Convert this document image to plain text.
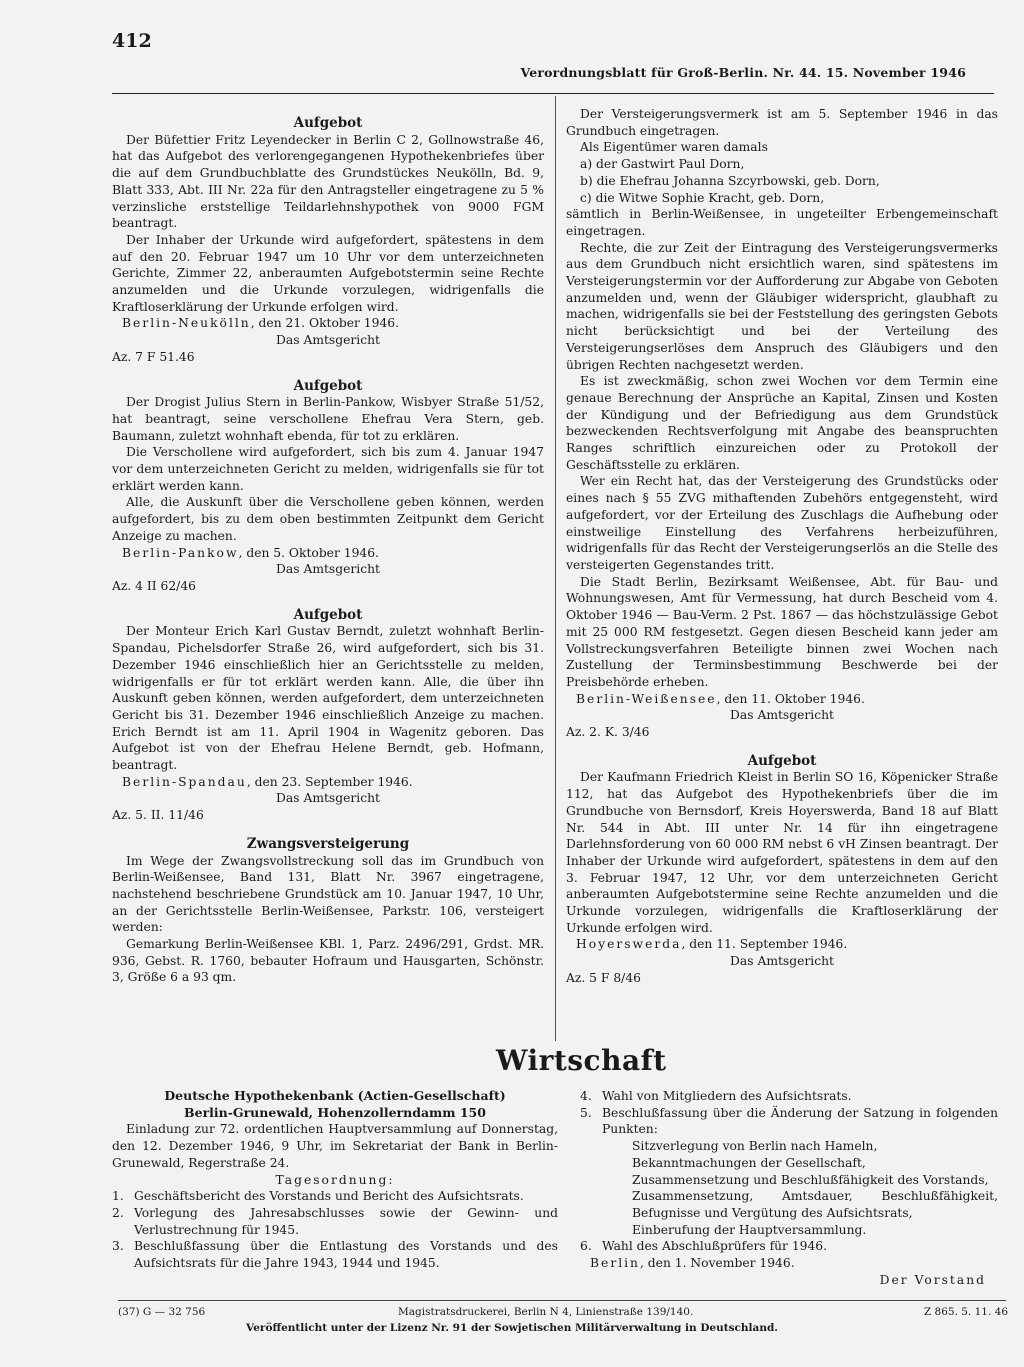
412
Verordnungsblatt für Groß-Berlin. Nr. 44. 15. November 1946

Aufgebot

Der Büfettier Fritz Leyendecker in Berlin C 2, Gollnowstraße 46, hat das Aufgebot des verlorengegangenen Hypothekenbriefes über die auf dem Grundbuchblatte des Grundstückes Neukölln, Bd. 9, Blatt 333, Abt. III Nr. 22a für den Antragsteller eingetragene zu 5 % verzinsliche erststellige Teildarlehnshypothek von 9000 FGM beantragt.

Der Inhaber der Urkunde wird aufgefordert, spätestens in dem auf den 20. Februar 1947 um 10 Uhr vor dem unterzeichneten Gerichte, Zimmer 22, anberaumten Aufgebotstermin seine Rechte anzumelden und die Urkunde vorzulegen, widrigenfalls die Kraftloserklärung der Urkunde erfolgen wird.

Berlin-Neukölln, den 21. Oktober 1946.

Das Amtsgericht

Az. 7 F 51.46

Aufgebot

Der Drogist Julius Stern in Berlin-Pankow, Wisbyer Straße 51/52, hat beantragt, seine verschollene Ehefrau Vera Stern, geb. Baumann, zuletzt wohnhaft ebenda, für tot zu erklären.

Die Verschollene wird aufgefordert, sich bis zum 4. Januar 1947 vor dem unterzeichneten Gericht zu melden, widrigenfalls sie für tot erklärt werden kann.

Alle, die Auskunft über die Verschollene geben können, werden aufgefordert, bis zu dem oben bestimmten Zeitpunkt dem Gericht Anzeige zu machen.

Berlin-Pankow, den 5. Oktober 1946.

Das Amtsgericht

Az. 4 II 62/46

Aufgebot

Der Monteur Erich Karl Gustav Berndt, zuletzt wohnhaft Berlin-Spandau, Pichelsdorfer Straße 26, wird aufgefordert, sich bis 31. Dezember 1946 einschließlich hier an Gerichtsstelle zu melden, widrigenfalls er für tot erklärt werden kann. Alle, die über ihn Auskunft geben können, werden aufgefordert, dem unterzeichneten Gericht bis 31. Dezember 1946 einschließlich Anzeige zu machen. Erich Berndt ist am 11. April 1904 in Wagenitz geboren. Das Aufgebot ist von der Ehefrau Helene Berndt, geb. Hofmann, beantragt.

Berlin-Spandau, den 23. September 1946.

Das Amtsgericht

Az. 5. II. 11/46

Zwangsversteigerung

Im Wege der Zwangsvollstreckung soll das im Grundbuch von Berlin-Weißensee, Band 131, Blatt Nr. 3967 eingetragene, nachstehend beschriebene Grundstück am 10. Januar 1947, 10 Uhr, an der Gerichtsstelle Berlin-Weißensee, Parkstr. 106, versteigert werden:

Gemarkung Berlin-Weißensee KBl. 1, Parz. 2496/291, Grdst. MR. 936, Gebst. R. 1760, bebauter Hofraum und Hausgarten, Schönstr. 3, Größe 6 a 93 qm.

Der Versteigerungsvermerk ist am 5. September 1946 in das Grundbuch eingetragen.

Als Eigentümer waren damals

a) der Gastwirt Paul Dorn,

b) die Ehefrau Johanna Szcyrbowski, geb. Dorn,

c) die Witwe Sophie Kracht, geb. Dorn,

sämtlich in Berlin-Weißensee, in ungeteilter Erbengemeinschaft eingetragen.

Rechte, die zur Zeit der Eintragung des Versteigerungsvermerks aus dem Grundbuch nicht ersichtlich waren, sind spätestens im Versteigerungstermin vor der Aufforderung zur Abgabe von Geboten anzumelden und, wenn der Gläubiger widerspricht, glaubhaft zu machen, widrigenfalls sie bei der Feststellung des geringsten Gebots nicht berücksichtigt und bei der Verteilung des Versteigerungserlöses dem Anspruch des Gläubigers und den übrigen Rechten nachgesetzt werden.

Es ist zweckmäßig, schon zwei Wochen vor dem Termin eine genaue Berechnung der Ansprüche an Kapital, Zinsen und Kosten der Kündigung und der Befriedigung aus dem Grundstück bezweckenden Rechtsverfolgung mit Angabe des beanspruchten Ranges schriftlich einzureichen oder zu Protokoll der Geschäftsstelle zu erklären.

Wer ein Recht hat, das der Versteigerung des Grundstücks oder eines nach § 55 ZVG mithaftenden Zubehörs entgegensteht, wird aufgefordert, vor der Erteilung des Zuschlags die Aufhebung oder einstweilige Einstellung des Verfahrens herbeizuführen, widrigenfalls für das Recht der Versteigerungserlös an die Stelle des versteigerten Gegenstandes tritt.

Die Stadt Berlin, Bezirksamt Weißensee, Abt. für Bau- und Wohnungswesen, Amt für Vermessung, hat durch Bescheid vom 4. Oktober 1946 — Bau-Verm. 2 Pst. 1867 — das höchstzulässige Gebot mit 25 000 RM festgesetzt. Gegen diesen Bescheid kann jeder am Vollstreckungsverfahren Beteiligte binnen zwei Wochen nach Zustellung der Terminsbestimmung Beschwerde bei der Preisbehörde erheben.

Berlin-Weißensee, den 11. Oktober 1946.

Das Amtsgericht

Az. 2. K. 3/46

Aufgebot

Der Kaufmann Friedrich Kleist in Berlin SO 16, Köpenicker Straße 112, hat das Aufgebot des Hypothekenbriefs über die im Grundbuche von Bernsdorf, Kreis Hoyerswerda, Band 18 auf Blatt Nr. 544 in Abt. III unter Nr. 14 für ihn eingetragene Darlehnsforderung von 60 000 RM nebst 6 vH Zinsen beantragt. Der Inhaber der Urkunde wird aufgefordert, spätestens in dem auf den 3. Februar 1947, 12 Uhr, vor dem unterzeichneten Gericht anberaumten Aufgebotstermine seine Rechte anzumelden und die Urkunde vorzulegen, widrigenfalls die Kraftloserklärung der Urkunde erfolgen wird.

Hoyerswerda, den 11. September 1946.

Das Amtsgericht

Az. 5 F 8/46

Wirtschaft

Deutsche Hypothekenbank (Actien-Gesellschaft)

Berlin-Grunewald, Hohenzollerndamm 150

Einladung zur 72. ordentlichen Hauptversammlung auf Donnerstag, den 12. Dezember 1946, 9 Uhr, im Sekretariat der Bank in Berlin-Grunewald, Regerstraße 24.

Tagesordnung:

1. Geschäftsbericht des Vorstands und Bericht des Aufsichtsrats.
2. Vorlegung des Jahresabschlusses sowie der Gewinn- und Verlustrechnung für 1945.
3. Beschlußfassung über die Entlastung des Vorstands und des Aufsichtsrats für die Jahre 1943, 1944 und 1945.
4. Wahl von Mitgliedern des Aufsichtsrats.
5. Beschlußfassung über die Änderung der Satzung in folgenden Punkten:

Sitzverlegung von Berlin nach Hameln,

Bekanntmachungen der Gesellschaft,

Zusammensetzung und Beschlußfähigkeit des Vorstands,

Zusammensetzung, Amtsdauer, Beschlußfähigkeit, Befugnisse und Vergütung des Aufsichtsrats,

Einberufung der Hauptversammlung.

6. Wahl des Abschlußprüfers für 1946.

Berlin, den 1. November 1946.

Der Vorstand

(37) G — 32 756	Magistratsdruckerei, Berlin N 4, Linienstraße 139/140.	Z 865. 5. 11. 46
Veröffentlicht unter der Lizenz Nr. 91 der Sowjetischen Militärverwaltung in Deutschland.
